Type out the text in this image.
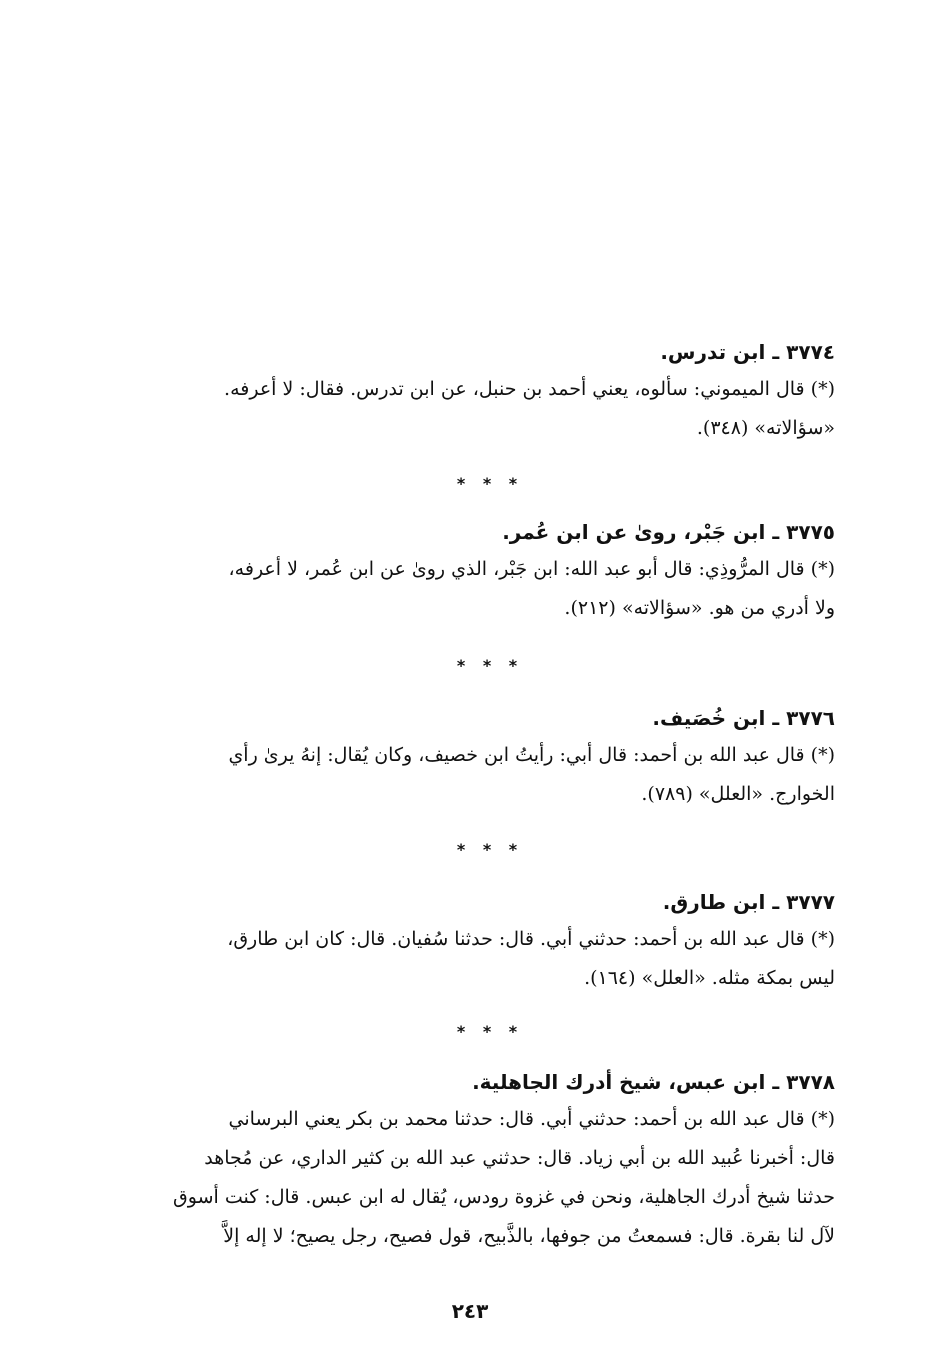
٣٧٧٤ ـ ابن تدرس.
(*) قال الميموني: سألوه، يعني أحمد بن حنبل، عن ابن تدرس. فقال: لا أعرفه.
«سؤالاته» (٣٤٨).
* * *
٣٧٧٥ ـ ابن جَبْر، روىٰ عن ابن عُمر.
(*) قال المرُّوذِي: قال أبو عبد الله: ابن جَبْر، الذي روىٰ عن ابن عُمر، لا أعرفه،
ولا أدري من هو. «سؤالاته» (٢١٢).
* * *
٣٧٧٦ ـ ابن خُصَيف.
(*) قال عبد الله بن أحمد: قال أبي: رأيتُ ابن خصيف، وكان يُقال: إنهُ يرىٰ رأي
الخوارج. «العلل» (٧٨٩).
* * *
٣٧٧٧ ـ ابن طارق.
(*) قال عبد الله بن أحمد: حدثني أبي. قال: حدثنا سُفيان. قال: كان ابن طارق،
ليس بمكة مثله. «العلل» (١٦٤).
* * *
٣٧٧٨ ـ ابن عبس، شيخ أدرك الجاهلية.
(*) قال عبد الله بن أحمد: حدثني أبي. قال: حدثنا محمد بن بكر يعني البرساني
قال: أخبرنا عُبيد الله بن أبي زياد. قال: حدثني عبد الله بن كثير الداري، عن مُجاهد
حدثنا شيخ أدرك الجاهلية، ونحن في غزوة رودس، يُقال له ابن عبس. قال: كنت أسوق
لآل لنا بقرة. قال: فسمعتُ من جوفها، بالذَّبيح، قول فصيح، رجل يصيح؛ لا إله إلاَّ
٢٤٣
